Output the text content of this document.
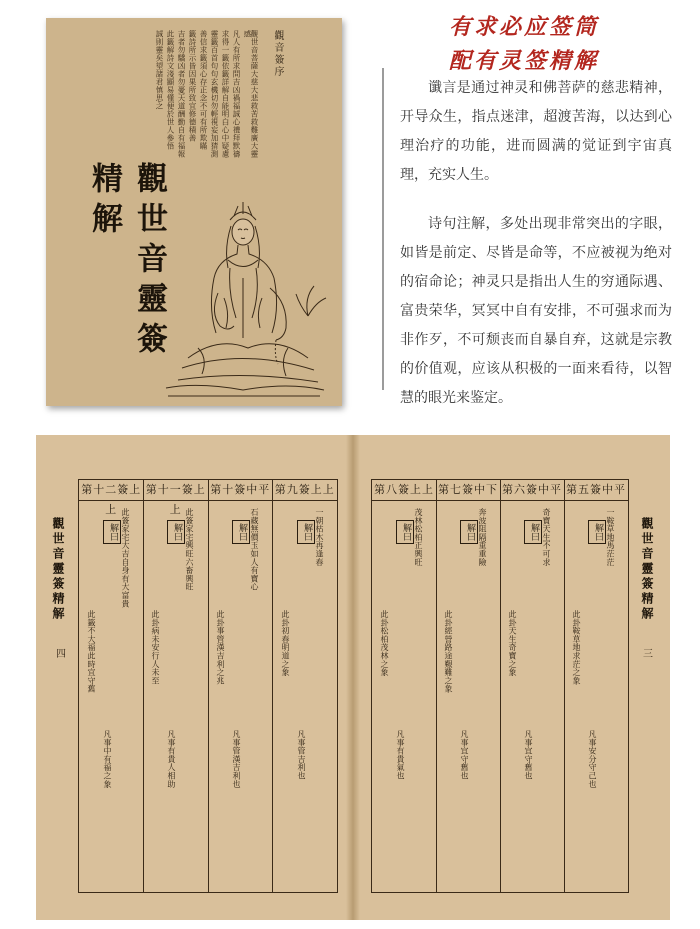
觀世音菩薩大慈大悲救苦救難廣大靈感
凡人有所求問吉凶禍福誠心禮拜默禱
求得一籤依籤詳解自能明白心中疑慮
靈籤百首句句玄機切勿輕視妄加猜測
善信求籤須心存正念不可有所欺瞞
籤詩所示皆因果所致宜修德積善
吉者勿驕凶者勿憂天道酬勤自有福報
此籤解詩文淺顯易懂便於世人參悟
誠則靈矣望諸君慎思之	觀音簽序
觀世音靈簽精解
有求必应签筒
配有灵签精解

谶言是通过神灵和佛菩萨的慈悲精神，开导众生，指点迷津，超渡苦海，以达到心理治疗的功能，进而圆满的觉证到宇宙真理，充实人生。

诗句注解，多处出现非常突出的字眼，如皆是前定、尽皆是命等，不应被视为绝对的宿命论；神灵只是指出人生的穷通际遇、富贵荣华，冥冥中自有安排，不可强求而为非作歹，不可颓丧而自暴自弃，这就是宗教的价值观，应该从积极的一面来看待，以智慧的眼光来鉴定。

觀世音靈簽精解
第十二簽上上
第十一簽上上
第十簽中平 第九簽上上
此簽家宅大吉自身有大富貴
解曰
此籤不大福此時宜守舊
凡事中有福之象
此簽家宅興旺六畜興旺
解曰
此卦病未安行人未至
凡事有貴人相助
石藏無價玉如人有寶心
解曰
此卦事管漢吉利之兆
凡事管漢吉利也
一朝枯木再逢春
解曰
此卦初春明道之象
凡事管吉利也
四
第八簽上上 第七簽中下 第六簽中平 第五簽中平
茂林松柏正興旺
解曰
此卦松柏茂林之象
凡事有貴氣也
奔波阻隔重重險
解曰
此卦經營路途艱難之象
凡事宜守舊也
奇寶天生不可求
解曰
此卦天生奇寶之象
凡事宜守舊也
一鞍草地馬茫茫
解曰
此卦鞍草地求茫之象
凡事安分守己也
觀世音靈簽精解
三
